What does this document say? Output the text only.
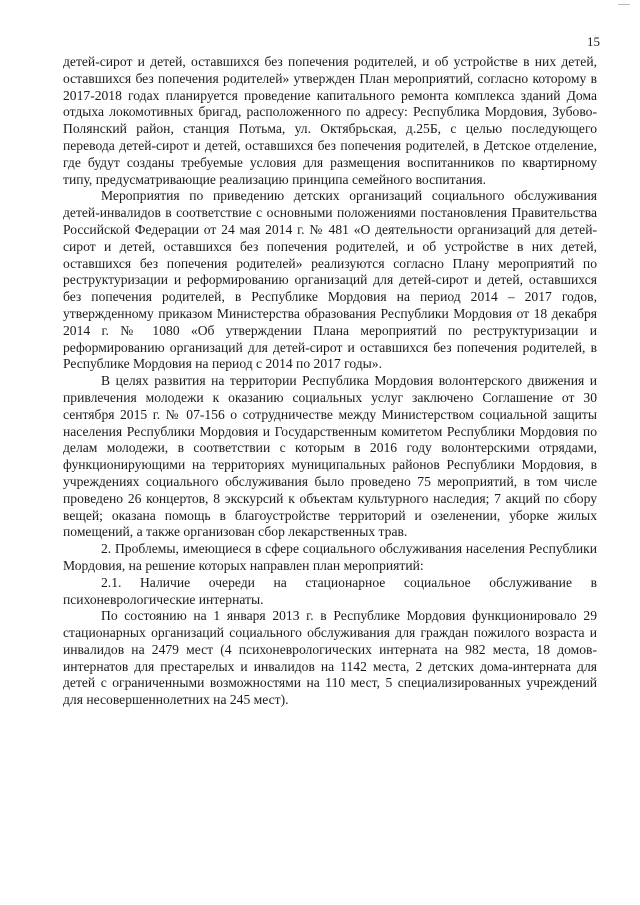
15

детей-сирот и детей, оставшихся без попечения родителей, и об устройстве в них детей, оставшихся без попечения родителей» утвержден План мероприятий, согласно которому в 2017-2018 годах планируется проведение капитального ремонта комплекса зданий Дома отдыха локомотивных бригад, расположенного по адресу: Республика Мордовия, Зубово-Полянский район, станция Потьма, ул. Октябрьская, д.25Б, с целью последующего перевода детей-сирот и детей, оставшихся без попечения родителей, в Детское отделение, где будут созданы требуемые условия для размещения воспитанников по квартирному типу, предусматривающие реализацию принципа семейного воспитания.

Мероприятия по приведению детских организаций социального обслуживания детей-инвалидов в соответствие с основными положениями постановления Правительства Российской Федерации от 24 мая 2014 г. № 481 «О деятельности организаций для детей-сирот и детей, оставшихся без попечения родителей, и об устройстве в них детей, оставшихся без попечения родителей» реализуются согласно Плану мероприятий по реструктуризации и реформированию организаций для детей-сирот и детей, оставшихся без попечения родителей, в Республике Мордовия на период 2014 – 2017 годов, утвержденному приказом Министерства образования Республики Мордовия от 18 декабря 2014 г. № 1080 «Об утверждении Плана мероприятий по реструктуризации и реформированию организаций для детей-сирот и оставшихся без попечения родителей, в Республике Мордовия на период с 2014 по 2017 годы».

В целях развития на территории Республика Мордовия волонтерского движения и привлечения молодежи к оказанию социальных услуг заключено Соглашение от 30 сентября 2015 г. № 07-156 о сотрудничестве между Министерством социальной защиты населения Республики Мордовия и Государственным комитетом Республики Мордовия по делам молодежи, в соответствии с которым в 2016 году волонтерскими отрядами, функционирующими на территориях муниципальных районов Республики Мордовия, в учреждениях социального обслуживания было проведено 75 мероприятий, в том числе проведено 26 концертов, 8 экскурсий к объектам культурного наследия; 7 акций по сбору вещей; оказана помощь в благоустройстве территорий и озеленении, уборке жилых помещений, а также организован сбор лекарственных трав.

2. Проблемы, имеющиеся в сфере социального обслуживания населения Республики Мордовия, на решение которых направлен план мероприятий:

2.1. Наличие очереди на стационарное социальное обслуживание в психоневрологические интернаты.

По состоянию на 1 января 2013 г. в Республике Мордовия функционировало 29 стационарных организаций социального обслуживания для граждан пожилого возраста и инвалидов на 2479 мест (4 психоневрологических интерната на 982 места, 18 домов-интернатов для престарелых и инвалидов на 1142 места, 2 детских дома-интерната для детей с ограниченными возможностями на 110 мест, 5 специализированных учреждений для несовершеннолетних на 245 мест).
